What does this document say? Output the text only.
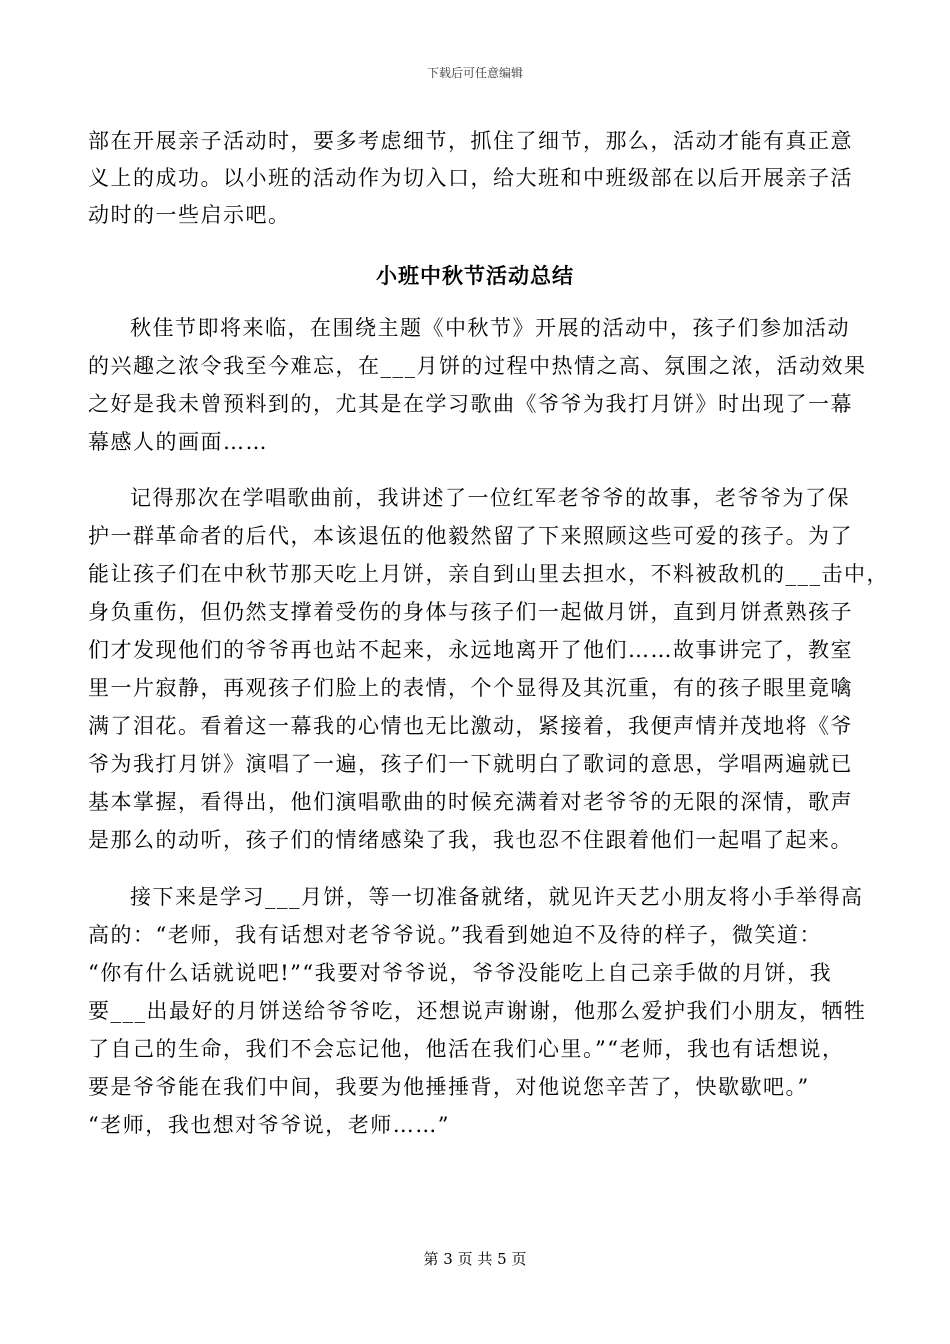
下载后可任意编辑
部在开展亲子活动时，要多考虑细节，抓住了细节，那么，活动才能有真正意
义上的成功。以小班的活动作为切入口，给大班和中班级部在以后开展亲子活
动时的一些启示吧。
小班中秋节活动总结
秋佳节即将来临，在围绕主题《中秋节》开展的活动中，孩子们参加活动
的兴趣之浓令我至今难忘，在___月饼的过程中热情之高、氛围之浓，活动效果
之好是我未曾预料到的，尤其是在学习歌曲《爷爷为我打月饼》时出现了一幕
幕感人的画面……
记得那次在学唱歌曲前，我讲述了一位红军老爷爷的故事，老爷爷为了保
护一群革命者的后代，本该退伍的他毅然留了下来照顾这些可爱的孩子。为了
能让孩子们在中秋节那天吃上月饼，亲自到山里去担水，不料被敌机的___击中，
身负重伤，但仍然支撑着受伤的身体与孩子们一起做月饼，直到月饼煮熟孩子
们才发现他们的爷爷再也站不起来，永远地离开了他们……故事讲完了，教室
里一片寂静，再观孩子们脸上的表情，个个显得及其沉重，有的孩子眼里竟噙
满了泪花。看着这一幕我的心情也无比激动，紧接着，我便声情并茂地将《爷
爷为我打月饼》演唱了一遍，孩子们一下就明白了歌词的意思，学唱两遍就已
基本掌握，看得出，他们演唱歌曲的时候充满着对老爷爷的无限的深情，歌声
是那么的动听，孩子们的情绪感染了我，我也忍不住跟着他们一起唱了起来。
接下来是学习___月饼，等一切准备就绪，就见许天艺小朋友将小手举得高
高的：“老师，我有话想对老爷爷说。”我看到她迫不及待的样子，微笑道：
“你有什么话就说吧!”“我要对爷爷说，爷爷没能吃上自己亲手做的月饼，我
要___出最好的月饼送给爷爷吃，还想说声谢谢，他那么爱护我们小朋友，牺牲
了自己的生命，我们不会忘记他，他活在我们心里。”“老师，我也有话想说，
要是爷爷能在我们中间，我要为他捶捶背，对他说您辛苦了，快歇歇吧。”
“老师，我也想对爷爷说，老师……”
第 3 页 共 5 页
